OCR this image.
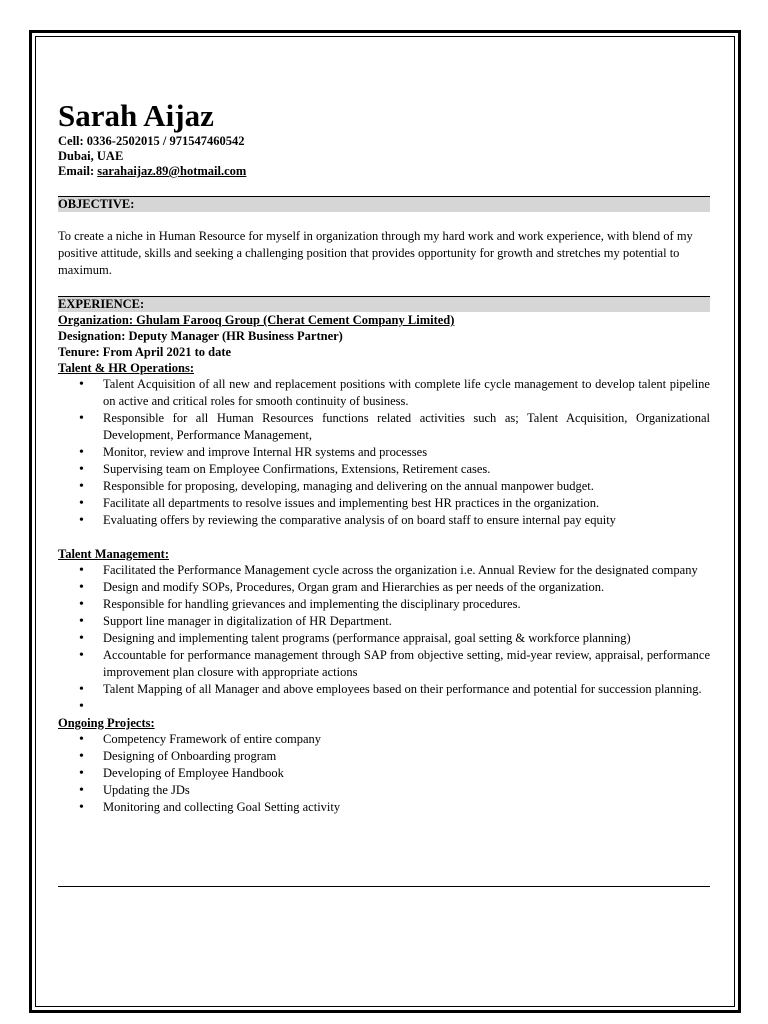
Sarah Aijaz
Cell: 0336-2502015 / 971547460542
Dubai, UAE
Email: sarahaijaz.89@hotmail.com
OBJECTIVE:

To create a niche in Human Resource for myself in organization through my hard work and work experience, with blend of my positive attitude, skills and seeking a challenging position that provides opportunity for growth and stretches my potential to maximum.

EXPERIENCE:
Organization: Ghulam Farooq Group (Cherat Cement Company Limited)
Designation: Deputy Manager (HR Business Partner)
Tenure: From April 2021 to date
Talent & HR Operations:
• Talent Acquisition of all new and replacement positions with complete life cycle management to develop talent pipeline on active and critical roles for smooth continuity of business.
• Responsible for all Human Resources functions related activities such as; Talent Acquisition, Organizational Development, Performance Management,
• Monitor, review and improve Internal HR systems and processes
• Supervising team on Employee Confirmations, Extensions, Retirement cases.
• Responsible for proposing, developing, managing and delivering on the annual manpower budget.
• Facilitate all departments to resolve issues and implementing best HR practices in the organization.
• Evaluating offers by reviewing the comparative analysis of on board staff to ensure internal pay equity
Talent Management:
• Facilitated the Performance Management cycle across the organization i.e. Annual Review for the designated company
• Design and modify SOPs, Procedures, Organ gram and Hierarchies as per needs of the organization.
• Responsible for handling grievances and implementing the disciplinary procedures.
• Support line manager in digitalization of HR Department.
• Designing and implementing talent programs (performance appraisal, goal setting & workforce planning)
• Accountable for performance management through SAP from objective setting, mid-year review, appraisal, performance improvement plan closure with appropriate actions
• Talent Mapping of all Manager and above employees based on their performance and potential for succession planning.
•
Ongoing Projects:
• Competency Framework of entire company
• Designing of Onboarding program
• Developing of Employee Handbook
• Updating the JDs
• Monitoring and collecting Goal Setting activity
